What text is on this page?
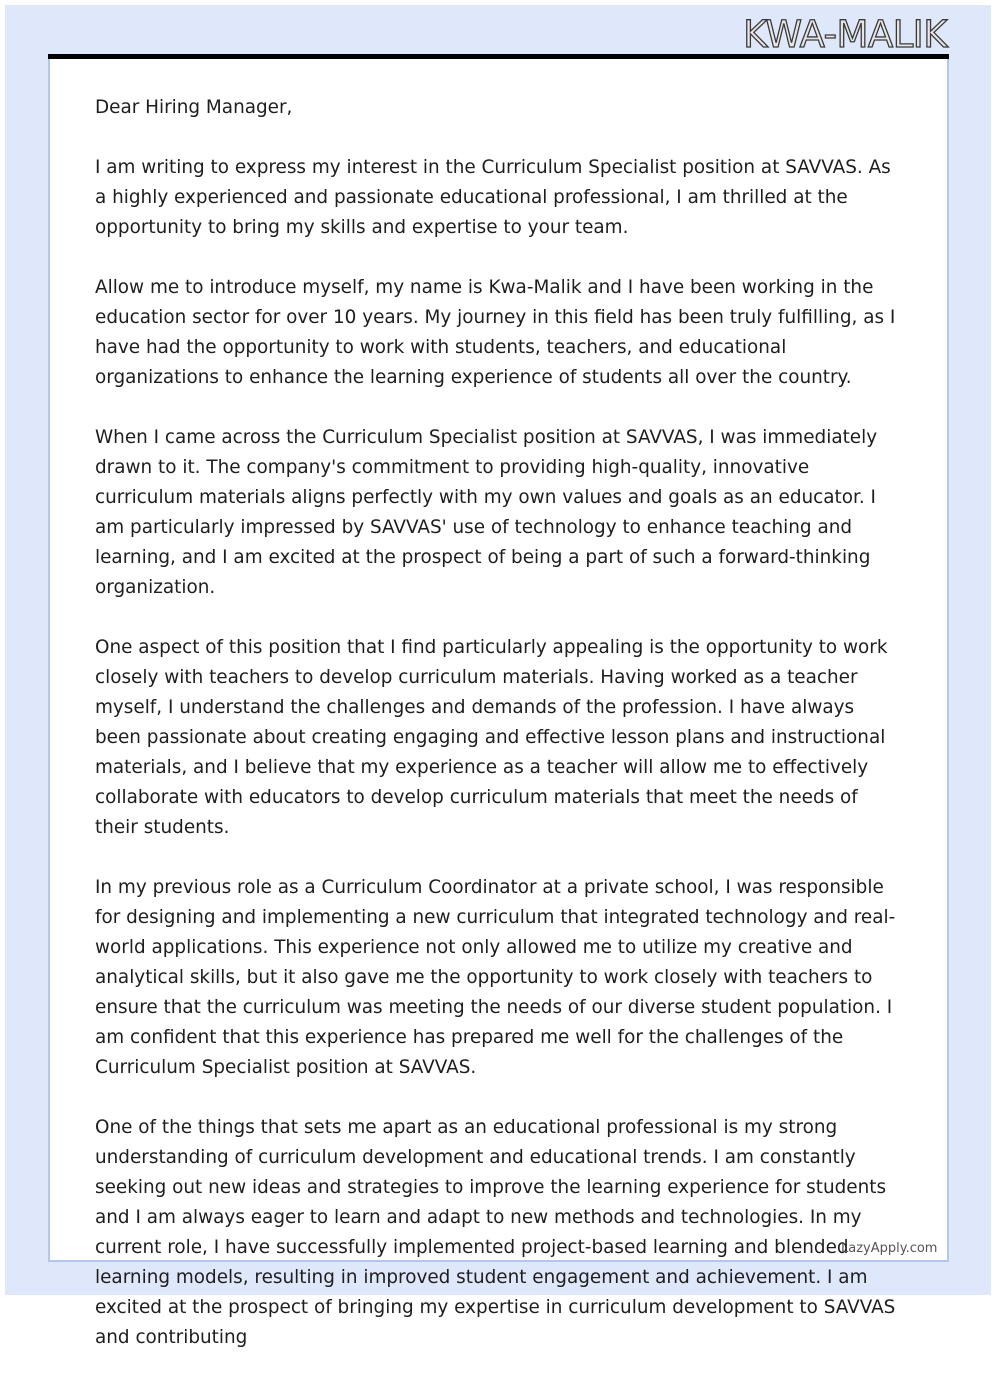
KWA-MALIK

Dear Hiring Manager,

I am writing to express my interest in the Curriculum Specialist position at SAVVAS. As a highly experienced and passionate educational professional, I am thrilled at the opportunity to bring my skills and expertise to your team.

Allow me to introduce myself, my name is Kwa-Malik and I have been working in the education sector for over 10 years. My journey in this field has been truly fulfilling, as I have had the opportunity to work with students, teachers, and educational organizations to enhance the learning experience of students all over the country.

When I came across the Curriculum Specialist position at SAVVAS, I was immediately drawn to it. The company's commitment to providing high-quality, innovative curriculum materials aligns perfectly with my own values and goals as an educator. I am particularly impressed by SAVVAS' use of technology to enhance teaching and learning, and I am excited at the prospect of being a part of such a forward-thinking organization.

One aspect of this position that I find particularly appealing is the opportunity to work closely with teachers to develop curriculum materials. Having worked as a teacher myself, I understand the challenges and demands of the profession. I have always been passionate about creating engaging and effective lesson plans and instructional materials, and I believe that my experience as a teacher will allow me to effectively collaborate with educators to develop curriculum materials that meet the needs of their students.

In my previous role as a Curriculum Coordinator at a private school, I was responsible for designing and implementing a new curriculum that integrated technology and real-world applications. This experience not only allowed me to utilize my creative and analytical skills, but it also gave me the opportunity to work closely with teachers to ensure that the curriculum was meeting the needs of our diverse student population. I am confident that this experience has prepared me well for the challenges of the Curriculum Specialist position at SAVVAS.

One of the things that sets me apart as an educational professional is my strong understanding of curriculum development and educational trends. I am constantly seeking out new ideas and strategies to improve the learning experience for students and I am always eager to learn and adapt to new methods and technologies. In my current role, I have successfully implemented project-based learning and blended learning models, resulting in improved student engagement and achievement. I am excited at the prospect of bringing my expertise in curriculum development to SAVVAS and contributing

LazyApply.com
